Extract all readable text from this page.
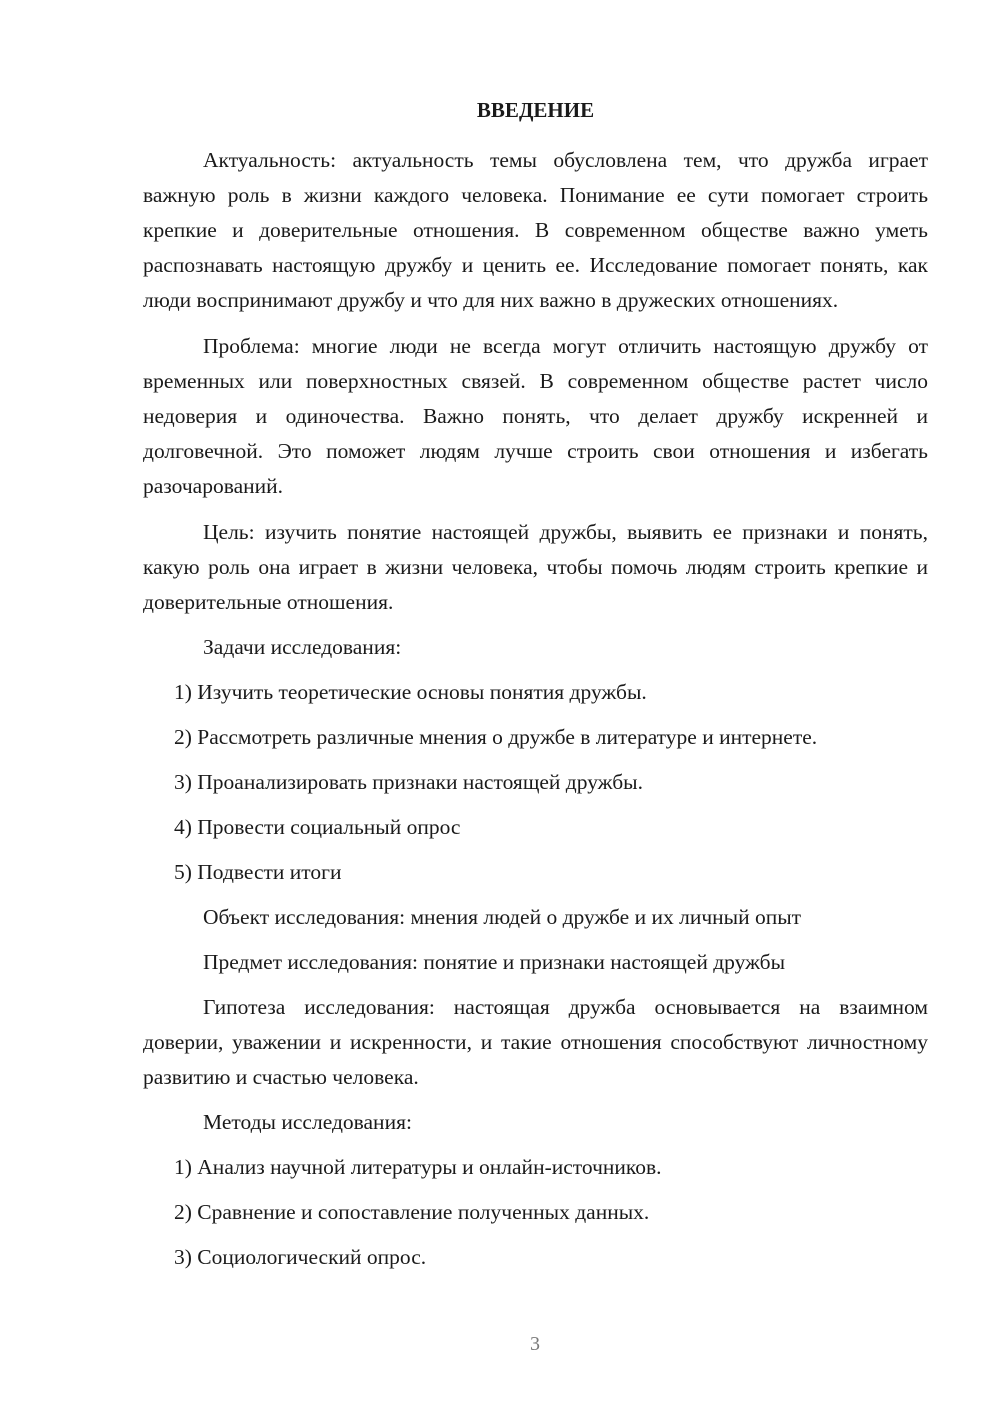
ВВЕДЕНИЕ

Актуальность: актуальность темы обусловлена тем, что дружба играет важную роль в жизни каждого человека. Понимание ее сути помогает строить крепкие и доверительные отношения. В современном обществе важно уметь распознавать настоящую дружбу и ценить ее. Исследование помогает понять, как люди воспринимают дружбу и что для них важно в дружеских отношениях.

Проблема: многие люди не всегда могут отличить настоящую дружбу от временных или поверхностных связей. В современном обществе растет число недоверия и одиночества. Важно понять, что делает дружбу искренней и долговечной. Это поможет людям лучше строить свои отношения и избегать разочарований.

Цель: изучить понятие настоящей дружбы, выявить ее признаки и понять, какую роль она играет в жизни человека, чтобы помочь людям строить крепкие и доверительные отношения.

Задачи исследования:

1) Изучить теоретические основы понятия дружбы.

2) Рассмотреть различные мнения о дружбе в литературе и интернете.

3) Проанализировать признаки настоящей дружбы.

4) Провести социальный опрос

5) Подвести итоги

Объект исследования: мнения людей о дружбе и их личный опыт

Предмет исследования: понятие и признаки настоящей дружбы

Гипотеза исследования: настоящая дружба основывается на взаимном доверии, уважении и искренности, и такие отношения способствуют личностному развитию и счастью человека.

Методы исследования:

1) Анализ научной литературы и онлайн-источников.

2) Сравнение и сопоставление полученных данных.

3) Социологический опрос.

3
